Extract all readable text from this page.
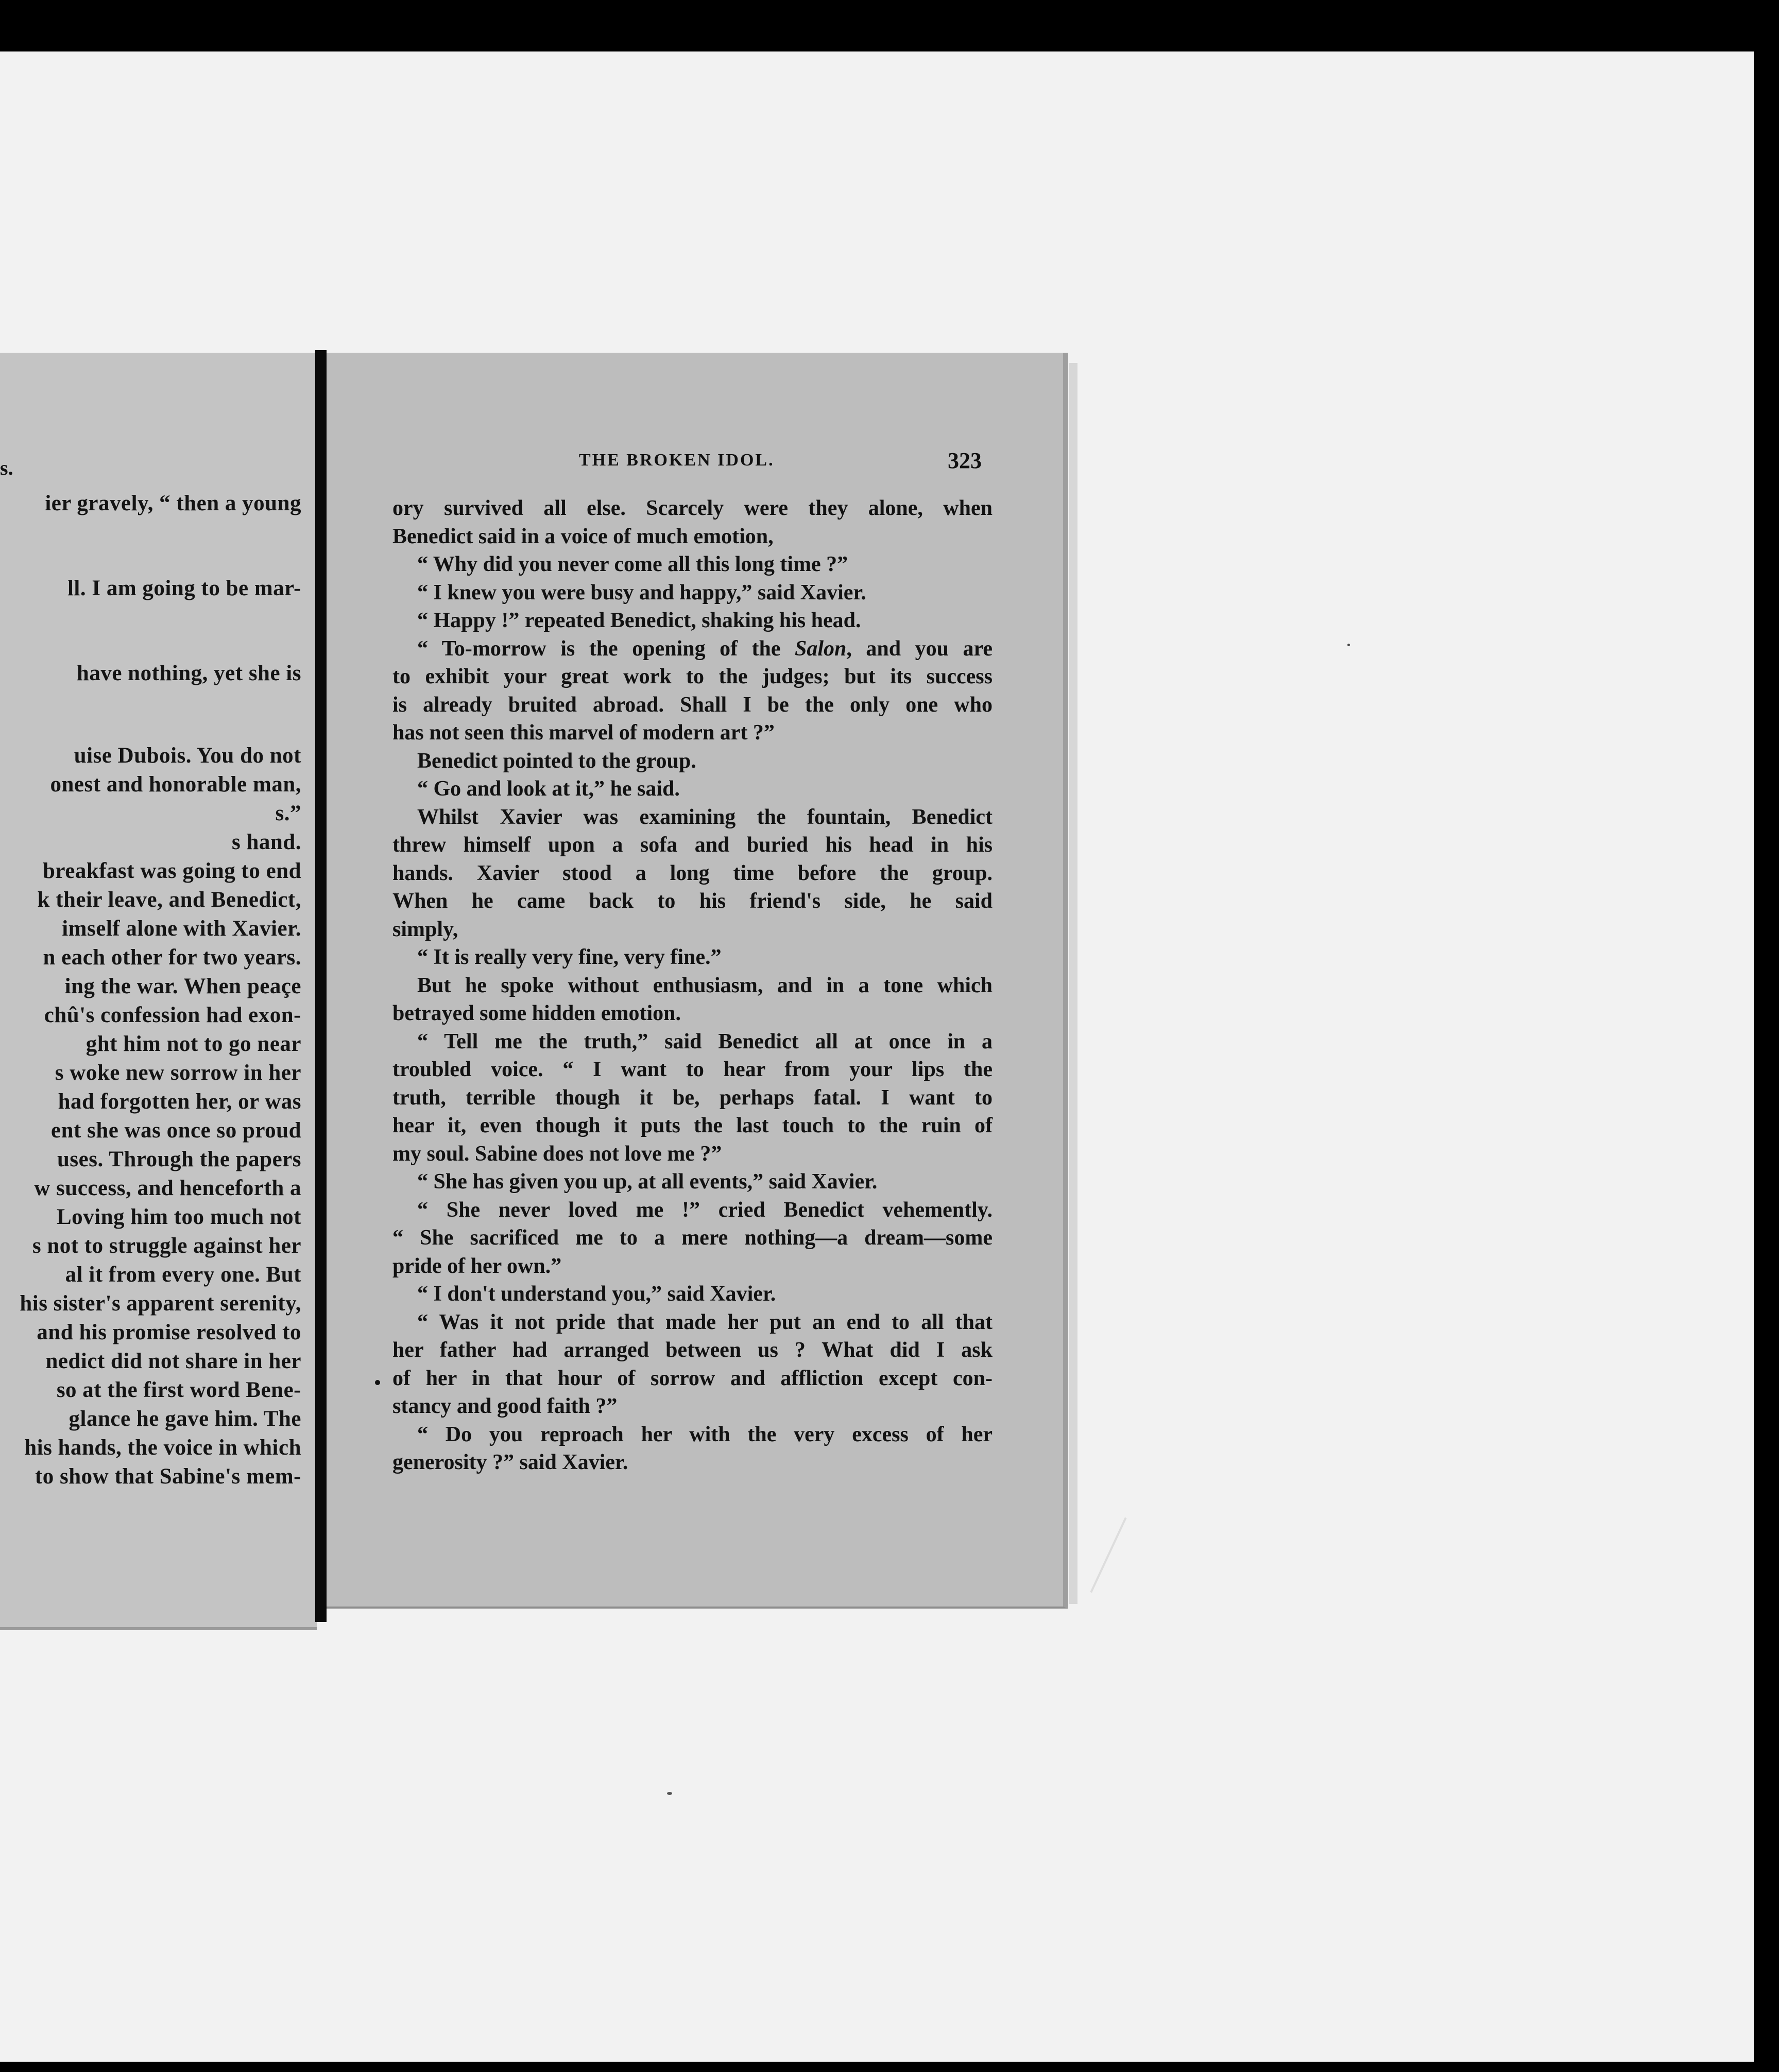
s.
ier gravely, “ then a young
ll. I am going to be mar-
have nothing, yet she is
uise Dubois. You do not
onest and honorable man,
s.”
s hand.
breakfast was going to end
k their leave, and Benedict,
imself alone with Xavier.
n each other for two years.
ing the war. When peaçe
chû's confession had exon-
ght him not to go near
s woke new sorrow in her
had forgotten her, or was
ent she was once so proud
uses. Through the papers
w success, and henceforth a
Loving him too much not
s not to struggle against her
al it from every one. But
his sister's apparent serenity,
and his promise resolved to
nedict did not share in her
so at the first word Bene-
glance he gave him. The
his hands, the voice in which
to show that Sabine's mem-
THE BROKEN IDOL.	323
ory survived all else. Scarcely were they alone, when
Benedict said in a voice of much emotion,
“ Why did you never come all this long time ?”
“ I knew you were busy and happy,” said Xavier.
“ Happy !” repeated Benedict, shaking his head.
“ To-morrow is the opening of the Salon, and you are
to exhibit your great work to the judges; but its success
is already bruited abroad. Shall I be the only one who
has not seen this marvel of modern art ?”
Benedict pointed to the group.
“ Go and look at it,” he said.
Whilst Xavier was examining the fountain, Benedict
threw himself upon a sofa and buried his head in his
hands. Xavier stood a long time before the group.
When he came back to his friend's side, he said
simply,
“ It is really very fine, very fine.”
But he spoke without enthusiasm, and in a tone which
betrayed some hidden emotion.
“ Tell me the truth,” said Benedict all at once in a
troubled voice. “ I want to hear from your lips the
truth, terrible though it be, perhaps fatal. I want to
hear it, even though it puts the last touch to the ruin of
my soul. Sabine does not love me ?”
“ She has given you up, at all events,” said Xavier.
“ She never loved me !” cried Benedict vehemently.
“ She sacrificed me to a mere nothing—a dream—some
pride of her own.”
“ I don't understand you,” said Xavier.
“ Was it not pride that made her put an end to all that
her father had arranged between us ? What did I ask
of her in that hour of sorrow and affliction except con-
stancy and good faith ?”
“ Do you reproach her with the very excess of her
generosity ?” said Xavier.
